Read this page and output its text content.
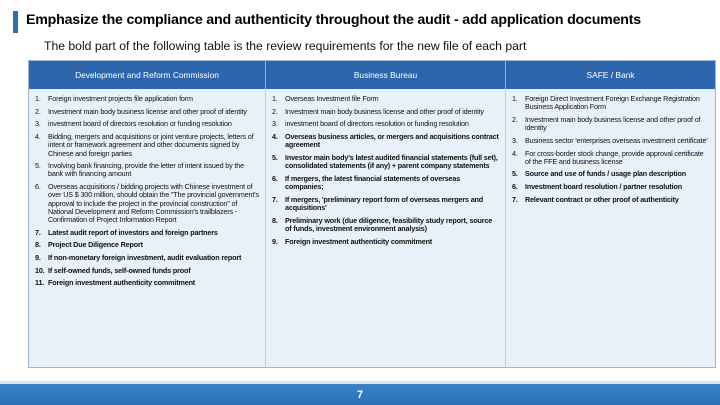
Emphasize the compliance and authenticity throughout the audit - add application documents
The bold part of the following table is the review requirements for the new file of each part
Development and Reform Commission	Business Bureau	SAFE / Bank
1.	Foreign investment projects file application form
2.	Investment main body business license and other proof of identity
3.	investment board of directors resolution or funding resolution
4.	Bidding, mergers and acquisitions or joint venture projects, letters of intent or framework agreement and other documents signed by Chinese and foreign parties
5.	Involving bank financing, provide the letter of intent issued by the bank with financing amount
6.	Overseas acquisitions / bidding projects with Chinese investment of over US $ 300 million, should obtain the "The provincial government's approval to include the project in the provincial construction" of National Development and Reform Commission's trailblazers - Confirmation of Project Information Report
7.	Latest audit report of investors and foreign partners
8.	Project Due Diligence Report
9.	If non-monetary foreign investment, audit evaluation report
10. If self-owned funds, self-owned funds proof
11. Foreign investment authenticity commitment
1.	Overseas Investment file Form
2.	Investment main body business license and other proof of identity
3.	investment board of directors resolution or funding resolution
4.	Overseas business articles, or mergers and acquisitions contract agreement
5.	Investor main body's latest audited financial statements (full set), consolidated statements (if any) + parent company statements
6.	If mergers, the latest financial statements of overseas companies;
7.	If mergers, 'preliminary report form of overseas mergers and acquisitions'
8.	Preliminary work (due diligence, feasibility study report, source of funds, investment environment analysis)
9.	Foreign investment authenticity commitment
1.	Foreign Direct Investment Foreign Exchange Registration Business Application Form
2.	Investment main body business license and other proof of identity
3.	Business sector 'enterprises overseas investment certificate'
4.	For cross-border stock change, provide approval certificate of the FFE and business license
5.	Source and use of funds / usage plan description
6.	Investment board resolution / partner resolution
7.	Relevant contract or other proof of authenticity
7
